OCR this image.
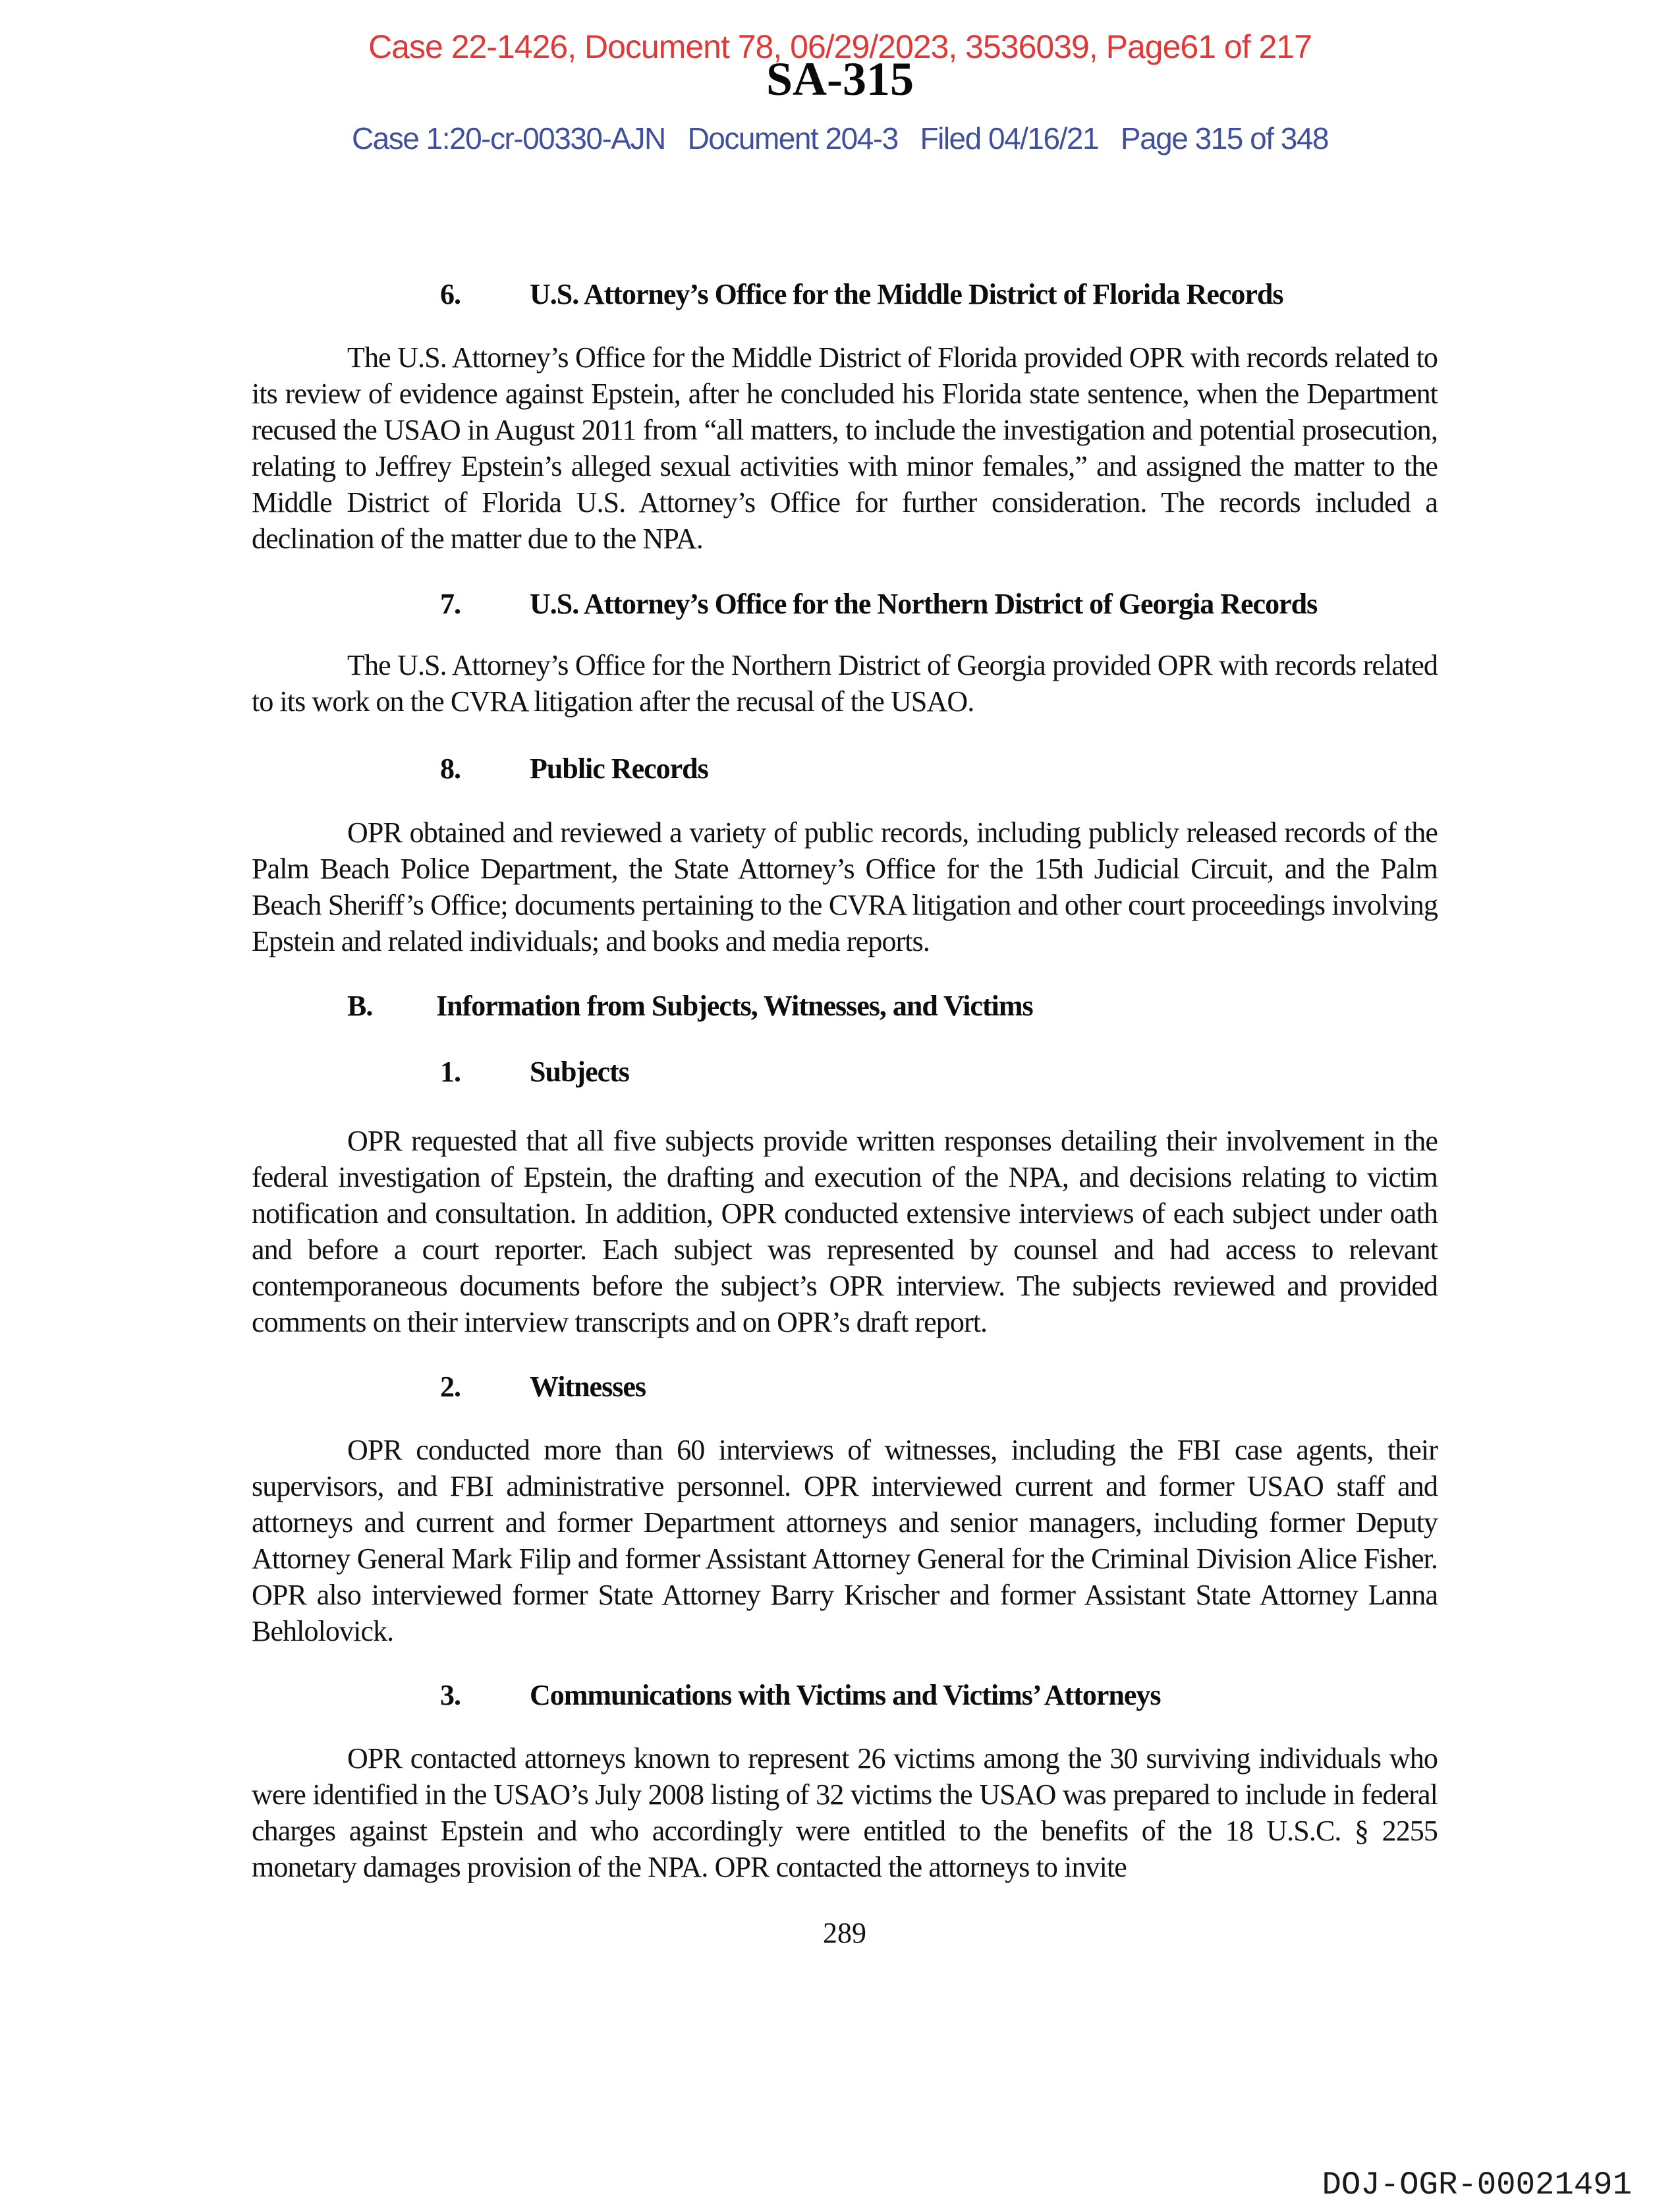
Case 22-1426, Document 78, 06/29/2023, 3536039, Page61 of 217
SA-315
Case 1:20-cr-00330-AJN   Document 204-3   Filed 04/16/21   Page 315 of 348
6. U.S. Attorney’s Office for the Middle District of Florida Records

The U.S. Attorney’s Office for the Middle District of Florida provided OPR with records related to its review of evidence against Epstein, after he concluded his Florida state sentence, when the Department recused the USAO in August 2011 from “all matters, to include the investigation and potential prosecution, relating to Jeffrey Epstein’s alleged sexual activities with minor females,” and assigned the matter to the Middle District of Florida U.S. Attorney’s Office for further consideration. The records included a declination of the matter due to the NPA.

7. U.S. Attorney’s Office for the Northern District of Georgia Records

The U.S. Attorney’s Office for the Northern District of Georgia provided OPR with records related to its work on the CVRA litigation after the recusal of the USAO.

8. Public Records

OPR obtained and reviewed a variety of public records, including publicly released records of the Palm Beach Police Department, the State Attorney’s Office for the 15th Judicial Circuit, and the Palm Beach Sheriff’s Office; documents pertaining to the CVRA litigation and other court proceedings involving Epstein and related individuals; and books and media reports.

B. Information from Subjects, Witnesses, and Victims
1. Subjects

OPR requested that all five subjects provide written responses detailing their involvement in the federal investigation of Epstein, the drafting and execution of the NPA, and decisions relating to victim notification and consultation. In addition, OPR conducted extensive interviews of each subject under oath and before a court reporter. Each subject was represented by counsel and had access to relevant contemporaneous documents before the subject’s OPR interview. The subjects reviewed and provided comments on their interview transcripts and on OPR’s draft report.

2. Witnesses

OPR conducted more than 60 interviews of witnesses, including the FBI case agents, their supervisors, and FBI administrative personnel. OPR interviewed current and former USAO staff and attorneys and current and former Department attorneys and senior managers, including former Deputy Attorney General Mark Filip and former Assistant Attorney General for the Criminal Division Alice Fisher. OPR also interviewed former State Attorney Barry Krischer and former Assistant State Attorney Lanna Behlolovick.

3. Communications with Victims and Victims’ Attorneys

OPR contacted attorneys known to represent 26 victims among the 30 surviving individuals who were identified in the USAO’s July 2008 listing of 32 victims the USAO was prepared to include in federal charges against Epstein and who accordingly were entitled to the benefits of the 18 U.S.C. § 2255 monetary damages provision of the NPA. OPR contacted the attorneys to invite

289
DOJ-OGR-00021491
